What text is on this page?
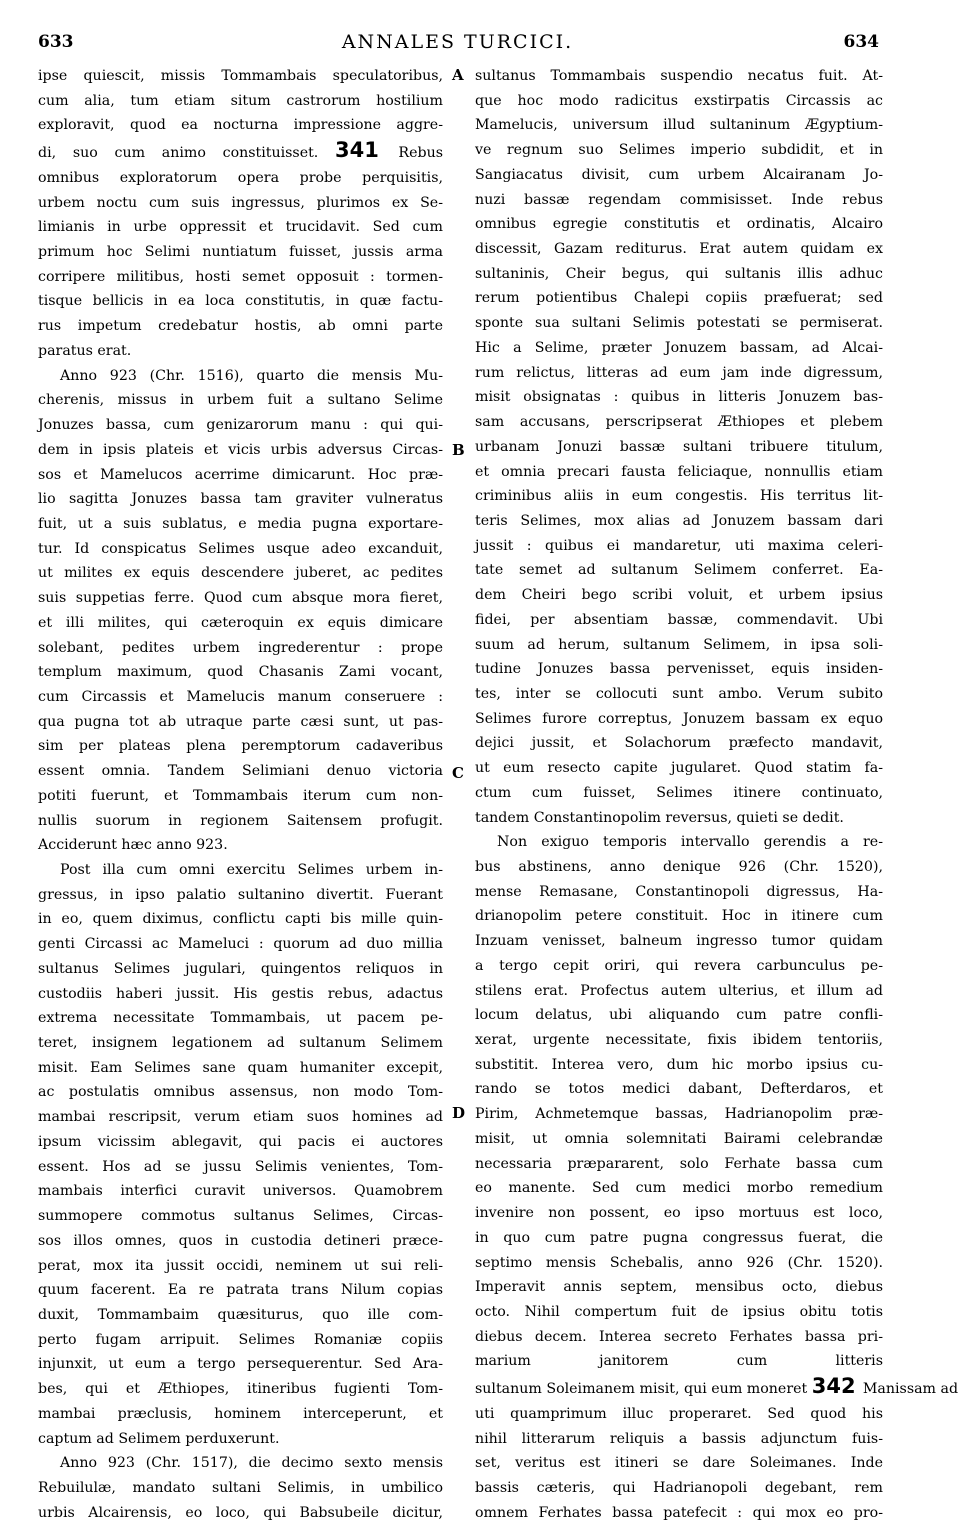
633	ANNALES TURCICI.	634
A
B
C
D
ipse quiescit, missis Tommambais speculatoribus,
cum alia, tum etiam situm castrorum hostilium
exploravit, quod ea nocturna impressione aggre-
di, suo cum animo constituisset. 341 Rebus
omnibus exploratorum opera probe perquisitis,
urbem noctu cum suis ingressus, plurimos ex Se-
limianis in urbe oppressit et trucidavit. Sed cum
primum hoc Selimi nuntiatum fuisset, jussis arma
corripere militibus, hosti semet opposuit : tormen-
tisque bellicis in ea loca constitutis, in quæ factu-
rus impetum credebatur hostis, ab omni parte
paratus erat.
Anno 923 (Chr. 1516), quarto die mensis Mu-
cherenis, missus in urbem fuit a sultano Selime
Jonuzes bassa, cum genizarorum manu : qui qui-
dem in ipsis plateis et vicis urbis adversus Circas-
sos et Mamelucos acerrime dimicarunt. Hoc præ-
lio sagitta Jonuzes bassa tam graviter vulneratus
fuit, ut a suis sublatus, e media pugna exportare-
tur. Id conspicatus Selimes usque adeo excanduit,
ut milites ex equis descendere juberet, ac pedites
suis suppetias ferre. Quod cum absque mora fieret,
et illi milites, qui cæteroquin ex equis dimicare
solebant, pedites urbem ingrederentur : prope
templum maximum, quod Chasanis Zami vocant,
cum Circassis et Mamelucis manum conseruere :
qua pugna tot ab utraque parte cæsi sunt, ut pas-
sim per plateas plena peremptorum cadaveribus
essent omnia. Tandem Selimiani denuo victoria
potiti fuerunt, et Tommambais iterum cum non-
nullis suorum in regionem Saitensem profugit.
Acciderunt hæc anno 923.
Post illa cum omni exercitu Selimes urbem in-
gressus, in ipso palatio sultanino divertit. Fuerant
in eo, quem diximus, conflictu capti bis mille quin-
genti Circassi ac Mameluci : quorum ad duo millia
sultanus Selimes jugulari, quingentos reliquos in
custodiis haberi jussit. His gestis rebus, adactus
extrema necessitate Tommambais, ut pacem pe-
teret, insignem legationem ad sultanum Selimem
misit. Eam Selimes sane quam humaniter excepit,
ac postulatis omnibus assensus, non modo Tom-
mambai rescripsit, verum etiam suos homines ad
ipsum vicissim ablegavit, qui pacis ei auctores
essent. Hos ad se jussu Selimis venientes, Tom-
mambais interfici curavit universos. Quamobrem
summopere commotus sultanus Selimes, Circas-
sos illos omnes, quos in custodia detineri præce-
perat, mox ita jussit occidi, neminem ut sui reli-
quum facerent. Ea re patrata trans Nilum copias
duxit, Tommambaim quæsiturus, quo ille com-
perto fugam arripuit. Selimes Romaniæ copiis
injunxit, ut eum a tergo persequerentur. Sed Ara-
bes, qui et Æthiopes, itineribus fugienti Tom-
mambai præclusis, hominem interceperunt, et
captum ad Selimem perduxerunt.
Anno 923 (Chr. 1517), die decimo sexto mensis
Rebuilulæ, mandato sultani Selimis, in umbilico
urbis Alcairensis, eo loco, qui Babsubeile dicitur,
sultanus Tommambais suspendio necatus fuit. At-
que hoc modo radicitus exstirpatis Circassis ac
Mamelucis, universum illud sultaninum Ægyptium-
ve regnum suo Selimes imperio subdidit, et in
Sangiacatus divisit, cum urbem Alcairanam Jo-
nuzi bassæ regendam commisisset. Inde rebus
omnibus egregie constitutis et ordinatis, Alcairo
discessit, Gazam rediturus. Erat autem quidam ex
sultaninis, Cheir begus, qui sultanis illis adhuc
rerum potientibus Chalepi copiis præfuerat; sed
sponte sua sultani Selimis potestati se permiserat.
Hic a Selime, præter Jonuzem bassam, ad Alcai-
rum relictus, litteras ad eum jam inde digressum,
misit obsignatas : quibus in litteris Jonuzem bas-
sam accusans, perscripserat Æthiopes et plebem
urbanam Jonuzi bassæ sultani tribuere titulum,
et omnia precari fausta feliciaque, nonnullis etiam
criminibus aliis in eum congestis. His territus lit-
teris Selimes, mox alias ad Jonuzem bassam dari
jussit : quibus ei mandaretur, uti maxima celeri-
tate semet ad sultanum Selimem conferret. Ea-
dem Cheiri bego scribi voluit, et urbem ipsius
fidei, per absentiam bassæ, commendavit. Ubi
suum ad herum, sultanum Selimem, in ipsa soli-
tudine Jonuzes bassa pervenisset, equis insiden-
tes, inter se collocuti sunt ambo. Verum subito
Selimes furore correptus, Jonuzem bassam ex equo
dejici jussit, et Solachorum præfecto mandavit,
ut eum resecto capite jugularet. Quod statim fa-
ctum cum fuisset, Selimes itinere continuato,
tandem Constantinopolim reversus, quieti se dedit.
Non exiguo temporis intervallo gerendis a re-
bus abstinens, anno denique 926 (Chr. 1520),
mense Remasane, Constantinopoli digressus, Ha-
drianopolim petere constituit. Hoc in itinere cum
Inzuam venisset, balneum ingresso tumor quidam
a tergo cepit oriri, qui revera carbunculus pe-
stilens erat. Profectus autem ulterius, et illum ad
locum delatus, ubi aliquando cum patre confli-
xerat, urgente necessitate, fixis ibidem tentoriis,
substitit. Interea vero, dum hic morbo ipsius cu-
rando se totos medici dabant, Defterdaros, et
Pirim, Achmetemque bassas, Hadrianopolim præ-
misit, ut omnia solemnitati Bairami celebrandæ
necessaria præpararent, solo Ferhate bassa cum
eo manente. Sed cum medici morbo remedium
invenire non possent, eo ipso mortuus est loco,
in quo cum patre pugna congressus fuerat, die
septimo mensis Schebalis, anno 926 (Chr. 1520).
Imperavit annis septem, mensibus octo, diebus
octo. Nihil compertum fuit de ipsius obitu totis
diebus decem. Interea secreto Ferhates bassa pri-
marium janitorem cum litteris
sultanum Soleimanem misit, qui eum moneret 342 Manissam ad
uti quamprimum illuc properaret. Sed quod his
nihil litterarum reliquis a bassis adjunctum fuis-
set, veritus est itineri se dare Soleimanes. Inde
bassis cæteris, qui Hadrianopoli degebant, rem
omnem Ferhates bassa patefecit : qui mox eo pro-
